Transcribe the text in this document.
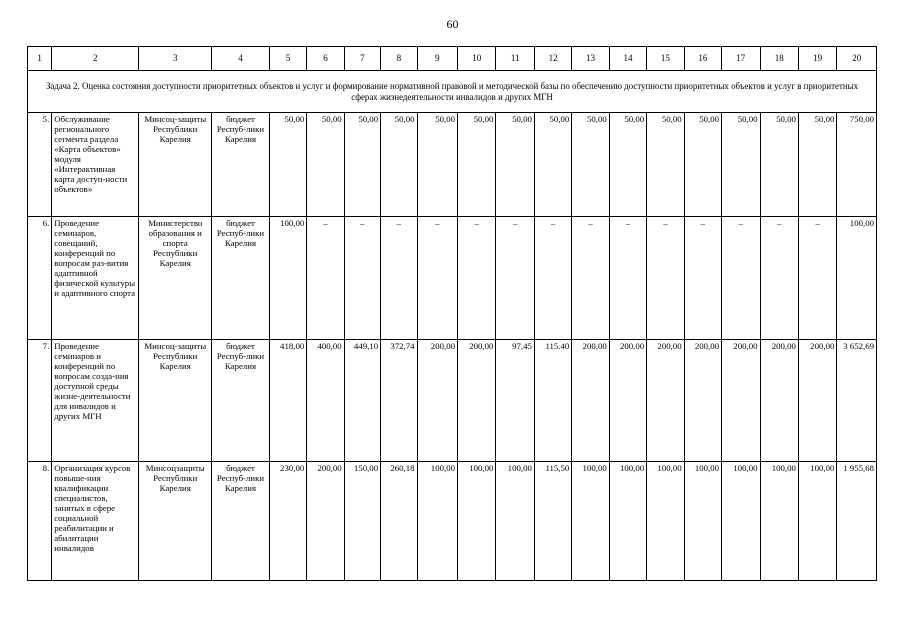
60
1	2	3	4	5	6	7	8	9	10	11	12	13	14	15	16	17	18	19	20
Задача 2. Оценка состояния доступности приоритетных объектов и услуг и формирование нормативной правовой и методической базы по обеспечению доступности приоритетных объектов и услуг в приоритетных сферах жизнедеятельности инвалидов и других МГН																			
5.	Обслуживание регионального сегмента раздела «Карта объектов» модуля «Интерактивная карта доступ-ности объектов»	Минсоц-защиты Республики Карелия	бюджет Респуб-лики Карелия	50,00	50,00	50,00	50,00	50,00	50,00	50,00	50,00	50,00	50,00	50,00	50,00	50,00	50,00	50,00	750,00
6.	Проведение семинаров, совещаний, конференций по вопросам раз-вития адаптивной физической культуры и адаптивного спорта	Министерство образования и спорта Республики Карелия	бюджет Респуб-лики Карелия	100,00	–	–	–	–	–	–	–	–	–	–	–	–	–	–	100,00
7.	Проведение семинаров и конференций по вопросам созда-ния доступной среды жизне-деятельности для инвалидов и других МГН	Минсоц-защиты Республики Карелия	бюджет Респуб-лики Карелия	418,00	400,00	449,10	372,74	200,00	200,00	97,45	115.40	200,00	200,00	200,00	200,00	200,00	200,00	200,00	3 652,69
8.	Организация курсов повыше-ния квалификации специалистов, занятых в сфере социальной реабилитации и абилитации инвалидов	Минсоцзащиты Республики Карелия	бюджет Респуб-лики Карелия	230,00	200,00	150,00	260,18	100,00	100,00	100,00	115,50	100,00	100,00	100,00	100,00	100,00	100,00	100,00	1 955,68
